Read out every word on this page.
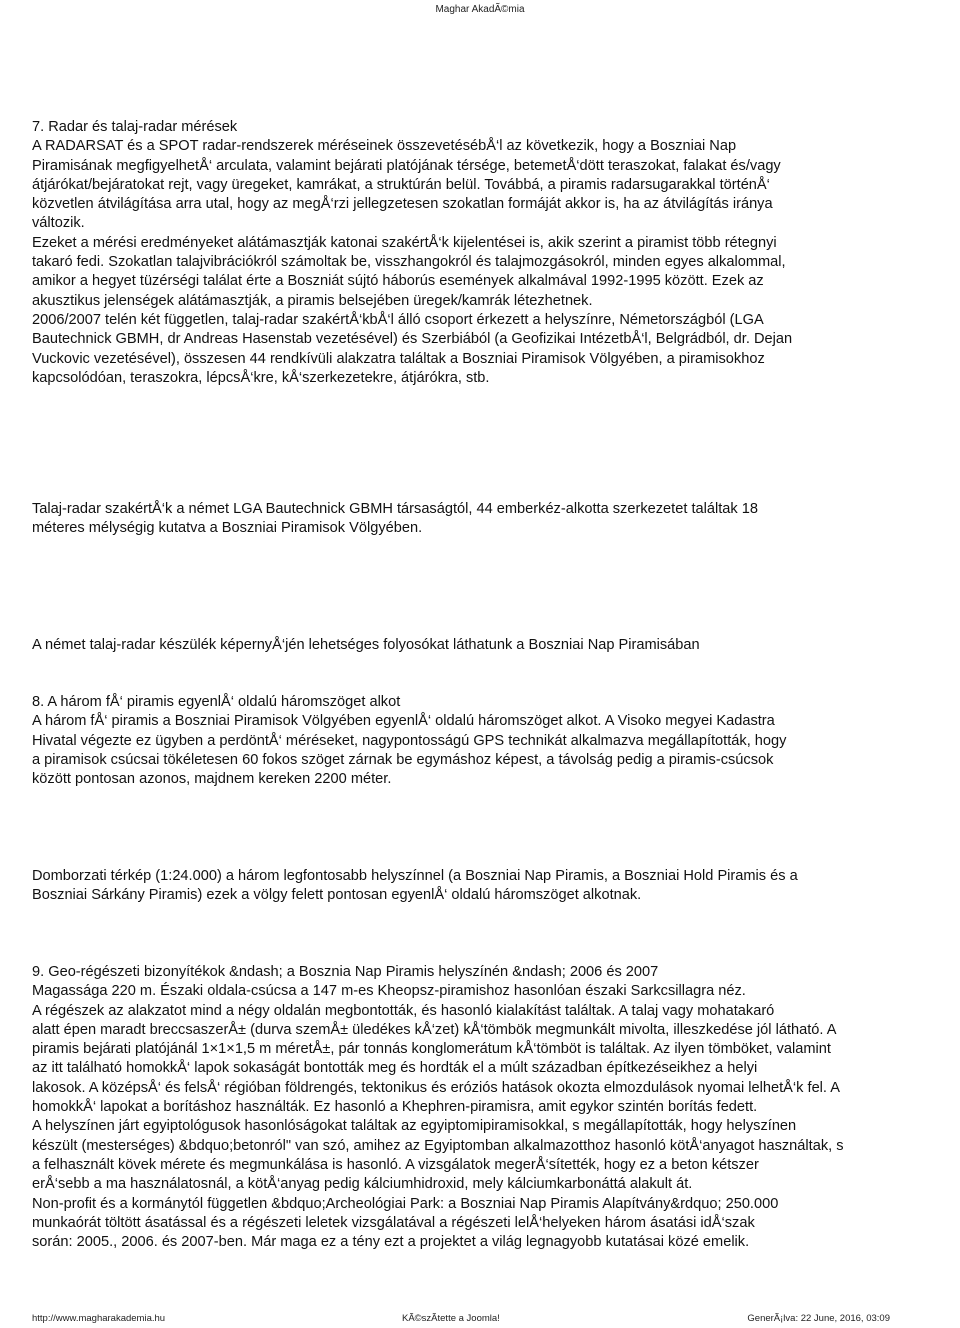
Maghar AkadÃ©mia

7. Radar és talaj-radar mérések

A RADARSAT és a SPOT radar-rendszerek méréseinek összevetésébÅ‘l az következik, hogy a Boszniai Nap

Piramisának megfigyelhetÅ‘ arculata, valamint bejárati platójának térsége, betemetÅ‘dött teraszokat, falakat és/vagy

átjárókat/bejáratokat rejt, vagy üregeket, kamrákat, a struktúrán belül. Továbbá, a piramis radarsugarakkal történÅ‘

közvetlen átvilágítása arra utal, hogy az megÅ‘rzi jellegzetesen szokatlan formáját akkor is, ha az átvilágítás iránya

változik.

Ezeket a mérési eredményeket alátámasztják katonai szakértÅ‘k kijelentései is, akik szerint a piramist több rétegnyi

takaró fedi. Szokatlan talajvibrációkról számoltak be, visszhangokról és talajmozgásokról, minden egyes alkalommal,

amikor a hegyet tüzérségi találat érte a Boszniát sújtó háborús események alkalmával 1992-1995 között. Ezek az

akusztikus jelenségek alátámasztják, a piramis belsejében üregek/kamrák létezhetnek.

2006/2007 telén két független, talaj-radar szakértÅ‘kbÅ‘l álló csoport érkezett a helyszínre, Németországból (LGA

Bautechnick GBMH, dr Andreas Hasenstab vezetésével) és Szerbiából (a Geofizikai IntézetbÅ‘l, Belgrádból, dr. Dejan

Vuckovic vezetésével), összesen 44 rendkívüli alakzatra találtak a Boszniai Piramisok Völgyében, a piramisokhoz

kapcsolódóan, teraszokra, lépcsÅ‘kre, kÅ‘szerkezetekre, átjárókra, stb.

Talaj-radar szakértÅ‘k a német LGA Bautechnick GBMH társaságtól, 44 emberkéz-alkotta szerkezetet találtak 18

méteres mélységig kutatva a Boszniai Piramisok Völgyében.

A német talaj-radar készülék képernyÅ‘jén lehetséges folyosókat láthatunk a Boszniai Nap Piramisában

8. A három fÅ‘ piramis egyenlÅ‘ oldalú háromszöget alkot

A három fÅ‘ piramis a Boszniai Piramisok Völgyében egyenlÅ‘ oldalú háromszöget alkot. A Visoko megyei Kadastra

Hivatal végezte ez ügyben a perdöntÅ‘ méréseket, nagypontosságú GPS technikát alkalmazva megállapították, hogy

a piramisok csúcsai tökéletesen 60 fokos szöget zárnak be egymáshoz képest, a távolság pedig a piramis-csúcsok

között pontosan azonos, majdnem kereken 2200 méter.

Domborzati térkép (1:24.000) a három legfontosabb helyszínnel (a Boszniai Nap Piramis, a Boszniai Hold Piramis és a

Boszniai Sárkány Piramis) ezek a völgy felett pontosan egyenlÅ‘ oldalú háromszöget alkotnak.

9. Geo-régészeti bizonyítékok &ndash; a Bosznia Nap Piramis helyszínén &ndash; 2006 és 2007

Magassága 220 m. Északi oldala-csúcsa a 147 m-es Kheopsz-piramishoz hasonlóan északi Sarkcsillagra néz.

A régészek az alakzatot mind a négy oldalán megbontották, és hasonló kialakítást találtak. A talaj vagy mohatakaró

alatt épen maradt breccsaszerÅ± (durva szemÅ± üledékes kÅ‘zet) kÅ‘tömbök megmunkált mivolta, illeszkedése jól látható. A

piramis bejárati platójánál 1×1×1,5 m méretÅ±, pár tonnás konglomerátum kÅ‘tömböt is találtak. Az ilyen tömböket, valamint

az itt található homokkÅ‘ lapok sokaságát bontották meg és hordták el a múlt században építkezéseikhez a helyi

lakosok. A középsÅ‘ és felsÅ‘ régióban földrengés, tektonikus és eróziós hatások okozta elmozdulások nyomai lelhetÅ‘k fel. A

homokkÅ‘ lapokat a borításhoz használták. Ez hasonló a Khephren-piramisra, amit egykor szintén borítás fedett.

A helyszínen járt egyiptológusok hasonlóságokat találtak az egyiptomipiramisokkal, s megállapították, hogy helyszínen

készült (mesterséges) &bdquo;betonról" van szó, amihez az Egyiptomban alkalmazotthoz hasonló kötÅ‘anyagot használtak, s

a felhasznált kövek mérete és megmunkálása is hasonló. A vizsgálatok megerÅ‘sítették, hogy ez a beton kétszer

erÅ‘sebb a ma használatosnál, a kötÅ‘anyag pedig kálciumhidroxid, mely kálciumkarbonáttá alakult át.

Non-profit és a kormánytól független &bdquo;Archeológiai Park: a Boszniai Nap Piramis Alapítvány&rdquo; 250.000

munkaórát töltött ásatással és a régészeti leletek vizsgálatával a régészeti lelÅ‘helyeken három ásatási idÅ‘szak

során: 2005., 2006. és 2007-ben. Már maga ez a tény ezt a projektet a világ legnagyobb kutatásai közé emelik.

http://www.magharakademia.hu	KÃ©szÃtette a Joomla!	GenerÃ¡lva: 22 June, 2016, 03:09
